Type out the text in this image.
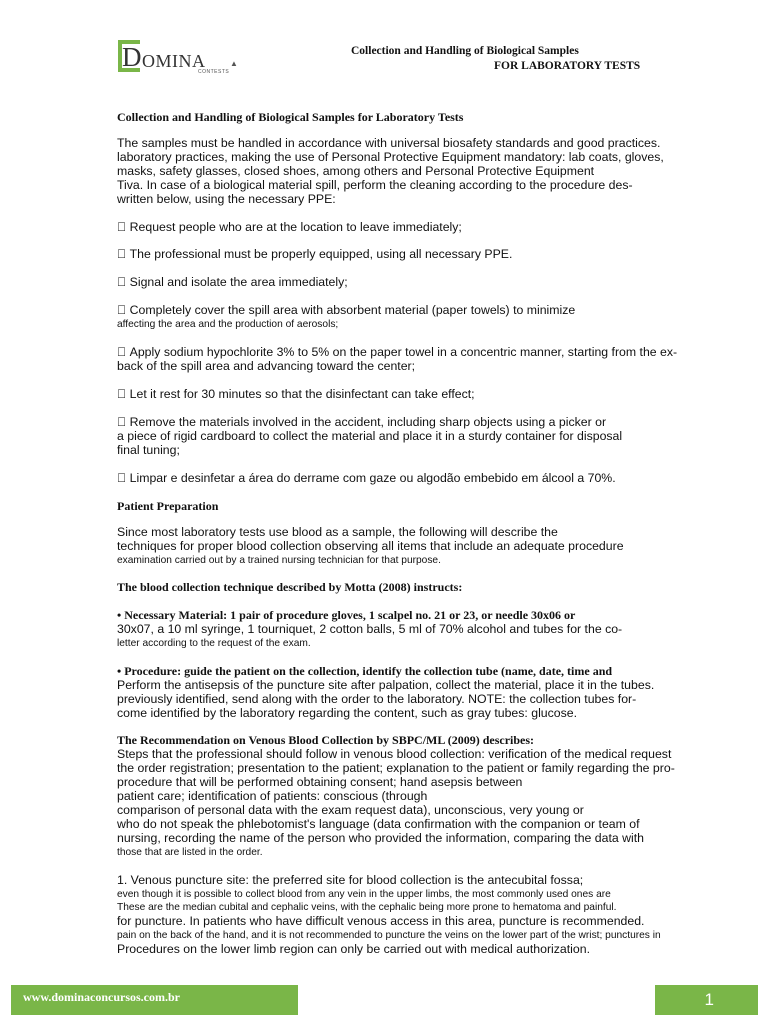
D OMINA
CONTESTS
▲
Collection and Handling of Biological Samples
FOR LABORATORY TESTS
Collection and Handling of Biological Samples for Laboratory Tests
The samples must be handled in accordance with universal biosafety standards and good practices.
laboratory practices, making the use of Personal Protective Equipment mandatory: lab coats, gloves,
masks, safety glasses, closed shoes, among others and Personal Protective Equipment
Tiva. In case of a biological material spill, perform the cleaning according to the procedure des-
written below, using the necessary PPE:
Request people who are at the location to leave immediately;
The professional must be properly equipped, using all necessary PPE.
Signal and isolate the area immediately;
Completely cover the spill area with absorbent material (paper towels) to minimize
affecting the area and the production of aerosols;
Apply sodium hypochlorite 3% to 5% on the paper towel in a concentric manner, starting from the ex-
back of the spill area and advancing toward the center;
Let it rest for 30 minutes so that the disinfectant can take effect;
Remove the materials involved in the accident, including sharp objects using a picker or
a piece of rigid cardboard to collect the material and place it in a sturdy container for disposal
final tuning;
Limpar e desinfetar a área do derrame com gaze ou algodão embebido em álcool a 70%.
Patient Preparation
Since most laboratory tests use blood as a sample, the following will describe the
techniques for proper blood collection observing all items that include an adequate procedure
examination carried out by a trained nursing technician for that purpose.
The blood collection technique described by Motta (2008) instructs:
• Necessary Material: 1 pair of procedure gloves, 1 scalpel no. 21 or 23, or needle 30x06 or
30x07, a 10 ml syringe, 1 tourniquet, 2 cotton balls, 5 ml of 70% alcohol and tubes for the co-
letter according to the request of the exam.
• Procedure: guide the patient on the collection, identify the collection tube (name, date, time and
Perform the antisepsis of the puncture site after palpation, collect the material, place it in the tubes.
previously identified, send along with the order to the laboratory. NOTE: the collection tubes for-
come identified by the laboratory regarding the content, such as gray tubes: glucose.
The Recommendation on Venous Blood Collection by SBPC/ML (2009) describes:
Steps that the professional should follow in venous blood collection: verification of the medical request
the order registration; presentation to the patient; explanation to the patient or family regarding the pro-
procedure that will be performed obtaining consent; hand asepsis between
patient care; identification of patients: conscious (through
comparison of personal data with the exam request data), unconscious, very young or
who do not speak the phlebotomist's language (data confirmation with the companion or team of
nursing, recording the name of the person who provided the information, comparing the data with
those that are listed in the order.
1. Venous puncture site: the preferred site for blood collection is the antecubital fossa;
even though it is possible to collect blood from any vein in the upper limbs, the most commonly used ones are
These are the median cubital and cephalic veins, with the cephalic being more prone to hematoma and painful.
for puncture. In patients who have difficult venous access in this area, puncture is recommended.
pain on the back of the hand, and it is not recommended to puncture the veins on the lower part of the wrist; punctures in
Procedures on the lower limb region can only be carried out with medical authorization.
www.dominaconcursos.com.br	1
